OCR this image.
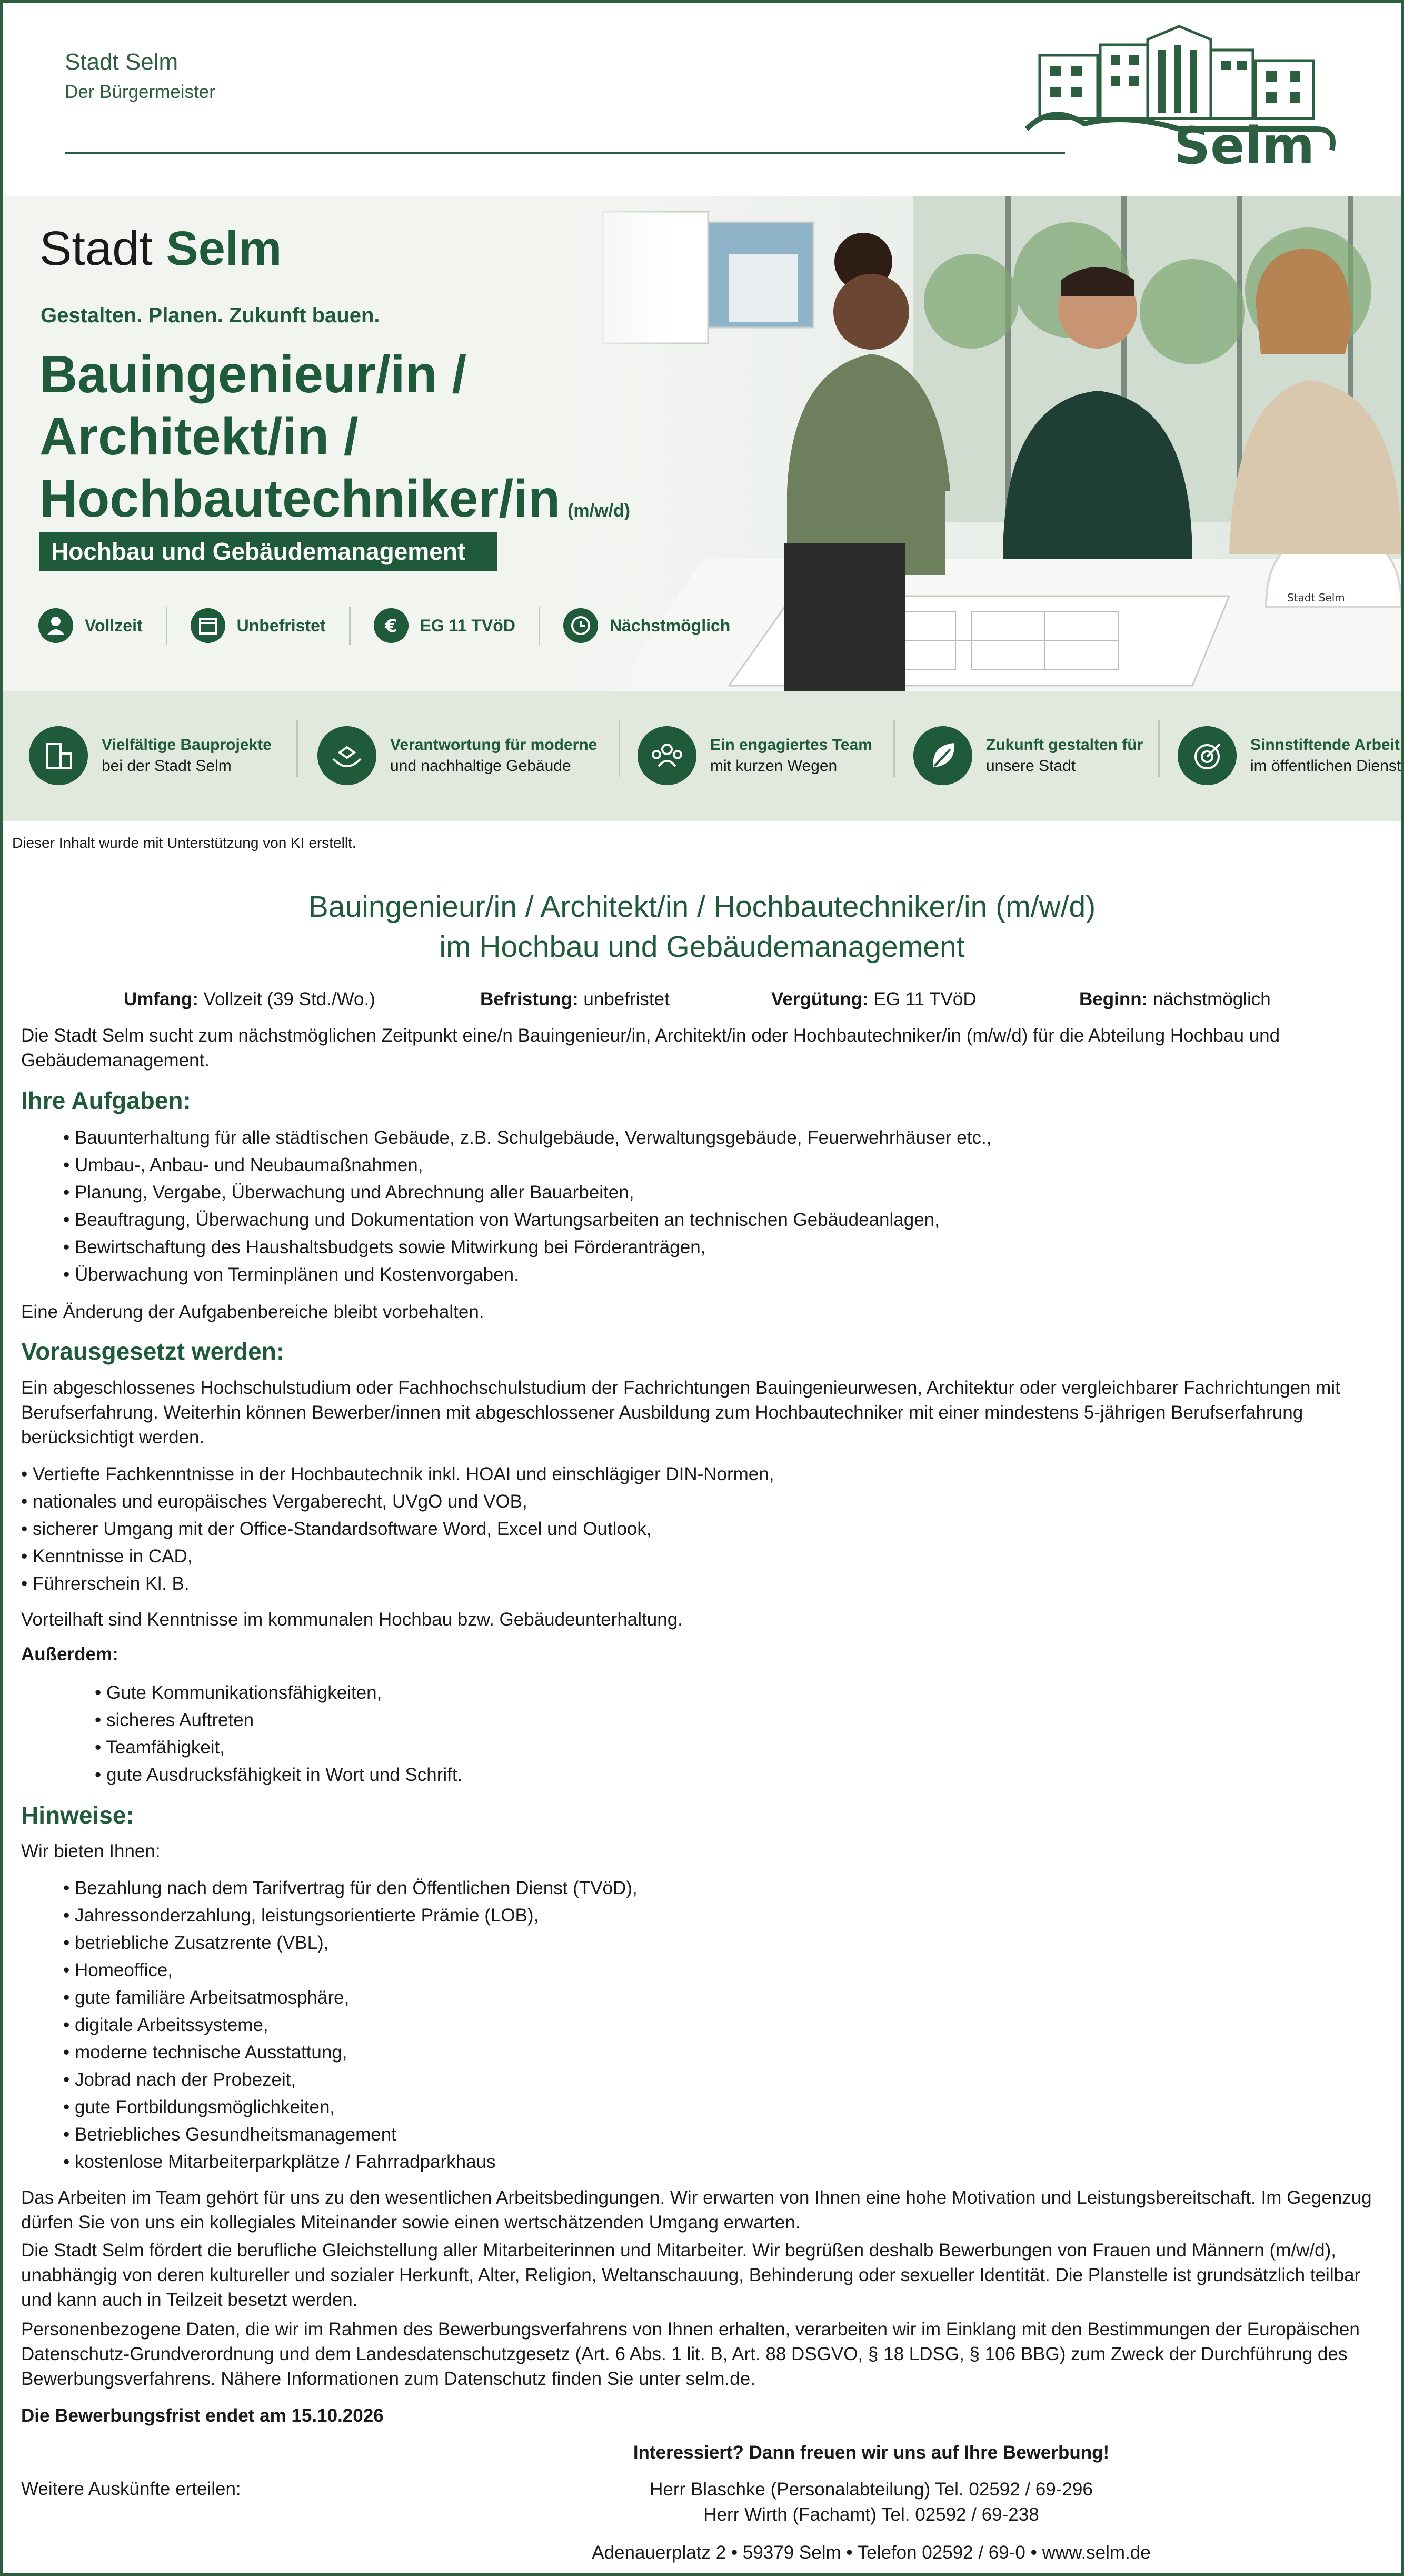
Stadt Selm
Der Bürgermeister
Selm
Stadt Selm
Gestalten. Planen. Zukunft bauen.
Bauingenieur/in /
Architekt/in /
Hochbautechniker/in (m/w/d)
Hochbau und Gebäudemanagement
Vollzeit	Unbefristet	€ EG 11 TVöD	Nächstmöglich
Vielfältige Bauprojekte
bei der Stadt Selm
Verantwortung für moderne
und nachhaltige Gebäude
Ein engagiertes Team
mit kurzen Wegen
Zukunft gestalten für
unsere Stadt
Sinnstiftende Arbeit
im öffentlichen Dienst
Dieser Inhalt wurde mit Unterstützung von KI erstellt.
Bauingenieur/in / Architekt/in / Hochbautechniker/in (m/w/d)
im Hochbau und Gebäudemanagement
Umfang: Vollzeit (39 Std./Wo.)	Befristung: unbefristet	Vergütung: EG 11 TVöD	Beginn: nächstmöglich
Die Stadt Selm sucht zum nächstmöglichen Zeitpunkt eine/n Bauingenieur/in, Architekt/in oder Hochbautechniker/in (m/w/d) für die Abteilung Hochbau und Gebäudemanagement.
Ihre Aufgaben:
• Bauunterhaltung für alle städtischen Gebäude, z.B. Schulgebäude, Verwaltungsgebäude, Feuerwehrhäuser etc.,
• Umbau-, Anbau- und Neubaumaßnahmen,
• Planung, Vergabe, Überwachung und Abrechnung aller Bauarbeiten,
• Beauftragung, Überwachung und Dokumentation von Wartungsarbeiten an technischen Gebäudeanlagen,
• Bewirtschaftung des Haushaltsbudgets sowie Mitwirkung bei Förderanträgen,
• Überwachung von Terminplänen und Kostenvorgaben.
Eine Änderung der Aufgabenbereiche bleibt vorbehalten.
Vorausgesetzt werden:
Ein abgeschlossenes Hochschulstudium oder Fachhochschulstudium der Fachrichtungen Bauingenieurwesen, Architektur oder vergleichbarer Fachrichtungen mit Berufserfahrung. Weiterhin können Bewerber/innen mit abgeschlossener Ausbildung zum Hochbautechniker mit einer mindestens 5-jährigen Berufserfahrung berücksichtigt werden.
• Vertiefte Fachkenntnisse in der Hochbautechnik inkl. HOAI und einschlägiger DIN-Normen,
• nationales und europäisches Vergaberecht, UVgO und VOB,
• sicherer Umgang mit der Office-Standardsoftware Word, Excel und Outlook,
• Kenntnisse in CAD,
• Führerschein Kl. B.
Vorteilhaft sind Kenntnisse im kommunalen Hochbau bzw. Gebäudeunterhaltung.
Außerdem:
• Gute Kommunikationsfähigkeiten,
• sicheres Auftreten
• Teamfähigkeit,
• gute Ausdrucksfähigkeit in Wort und Schrift.
Hinweise:
Wir bieten Ihnen:
• Bezahlung nach dem Tarifvertrag für den Öffentlichen Dienst (TVöD),
• Jahressonderzahlung, leistungsorientierte Prämie (LOB),
• betriebliche Zusatzrente (VBL),
• Homeoffice,
• gute familiäre Arbeitsatmosphäre,
• digitale Arbeitssysteme,
• moderne technische Ausstattung,
• Jobrad nach der Probezeit,
• gute Fortbildungsmöglichkeiten,
• Betriebliches Gesundheitsmanagement
• kostenlose Mitarbeiterparkplätze / Fahrradparkhaus
Das Arbeiten im Team gehört für uns zu den wesentlichen Arbeitsbedingungen. Wir erwarten von Ihnen eine hohe Motivation und Leistungsbereitschaft. Im Gegenzug dürfen Sie von uns ein kollegiales Miteinander sowie einen wertschätzenden Umgang erwarten.
Die Stadt Selm fördert die berufliche Gleichstellung aller Mitarbeiterinnen und Mitarbeiter. Wir begrüßen deshalb Bewerbungen von Frauen und Männern (m/w/d), unabhängig von deren kultureller und sozialer Herkunft, Alter, Religion, Weltanschauung, Behinderung oder sexueller Identität. Die Planstelle ist grundsätzlich teilbar und kann auch in Teilzeit besetzt werden.
Personenbezogene Daten, die wir im Rahmen des Bewerbungsverfahrens von Ihnen erhalten, verarbeiten wir im Einklang mit den Bestimmungen der Europäischen Datenschutz-Grundverordnung und dem Landesdatenschutzgesetz (Art. 6 Abs. 1 lit. B, Art. 88 DSGVO, § 18 LDSG, § 106 BBG) zum Zweck der Durchführung des Bewerbungsverfahrens. Nähere Informationen zum Datenschutz finden Sie unter selm.de.
Die Bewerbungsfrist endet am 15.10.2026
Interessiert? Dann freuen wir uns auf Ihre Bewerbung!
Weitere Auskünfte erteilen:	Herr Blaschke (Personalabteilung) Tel. 02592 / 69-296
Herr Wirth (Fachamt) Tel. 02592 / 69-238
Adenauerplatz 2 • 59379 Selm • Telefon 02592 / 69-0 • www.selm.de
